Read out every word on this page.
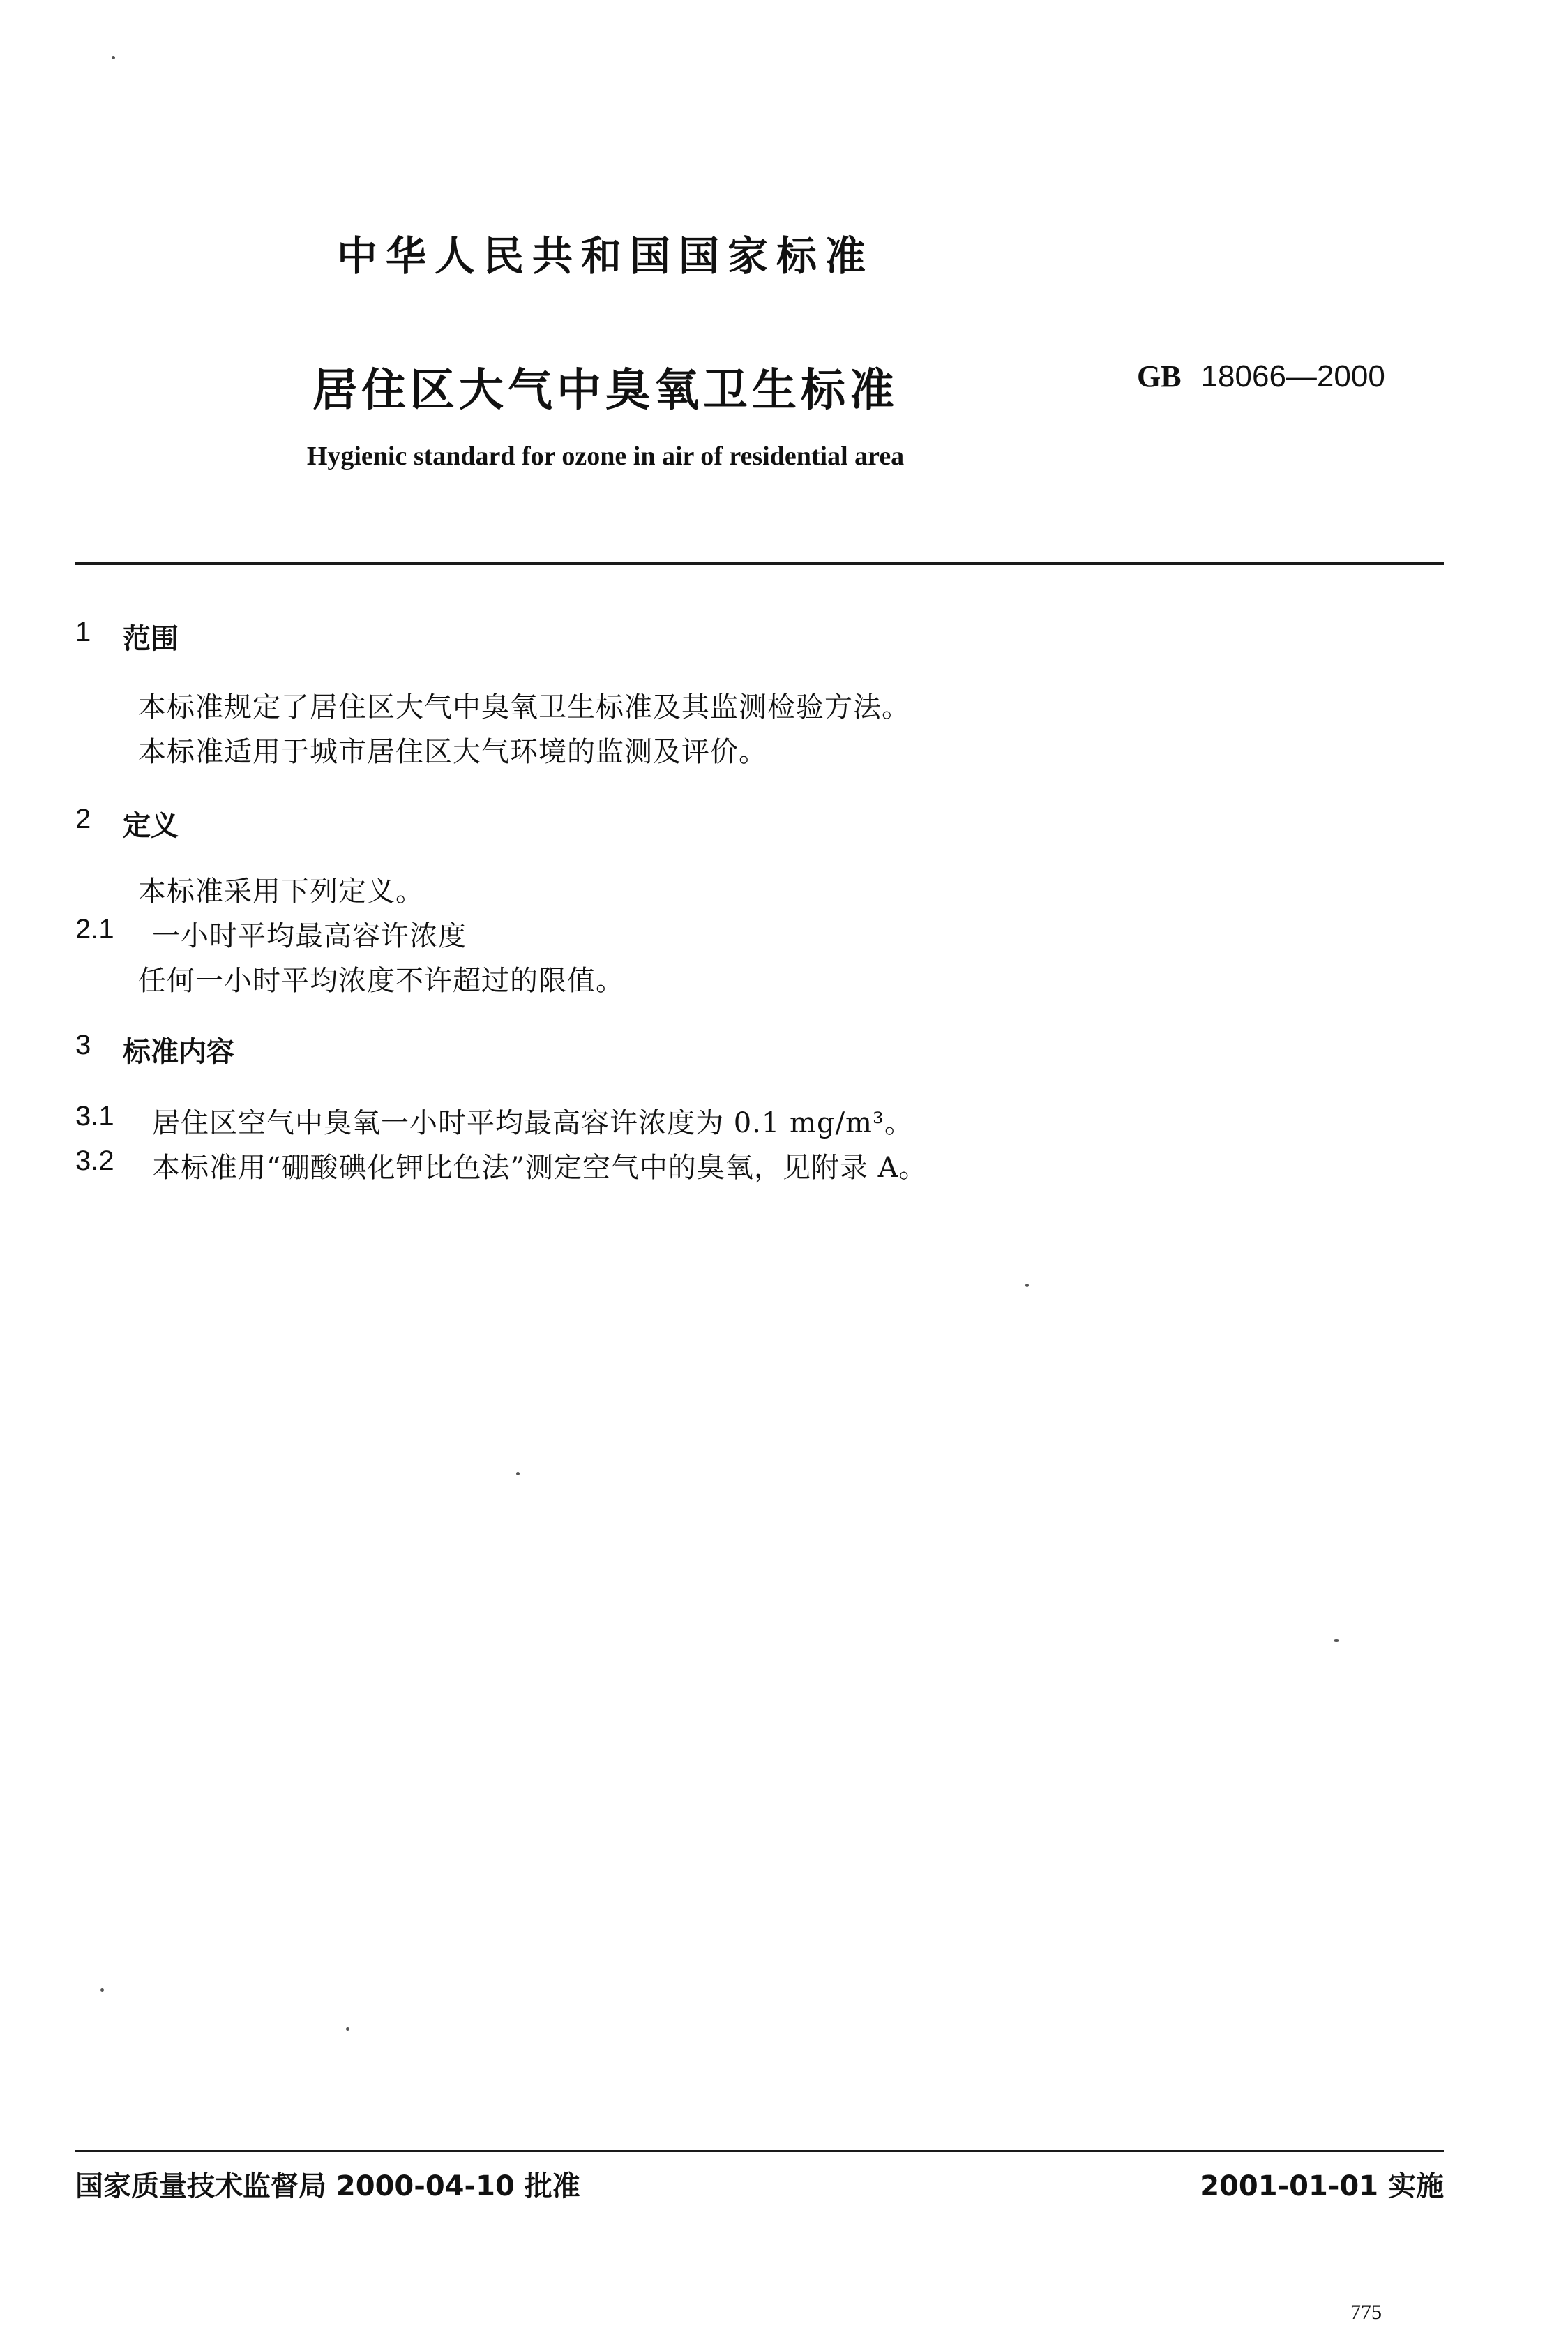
中华人民共和国国家标准
居住区大气中臭氧卫生标准	GB 18066—2000
Hygienic standard for ozone in air of residential area
1 范围
本标准规定了居住区大气中臭氧卫生标准及其监测检验方法。
本标准适用于城市居住区大气环境的监测及评价。
2 定义
本标准采用下列定义。
2.1 一小时平均最高容许浓度
任何一小时平均浓度不许超过的限值。
3 标准内容
3.1 居住区空气中臭氧一小时平均最高容许浓度为 0.1 mg/m³。
3.2 本标准用“硼酸碘化钾比色法”测定空气中的臭氧，见附录 A。
国家质量技术监督局 2000-04-10 批准	2001-01-01 实施
775
